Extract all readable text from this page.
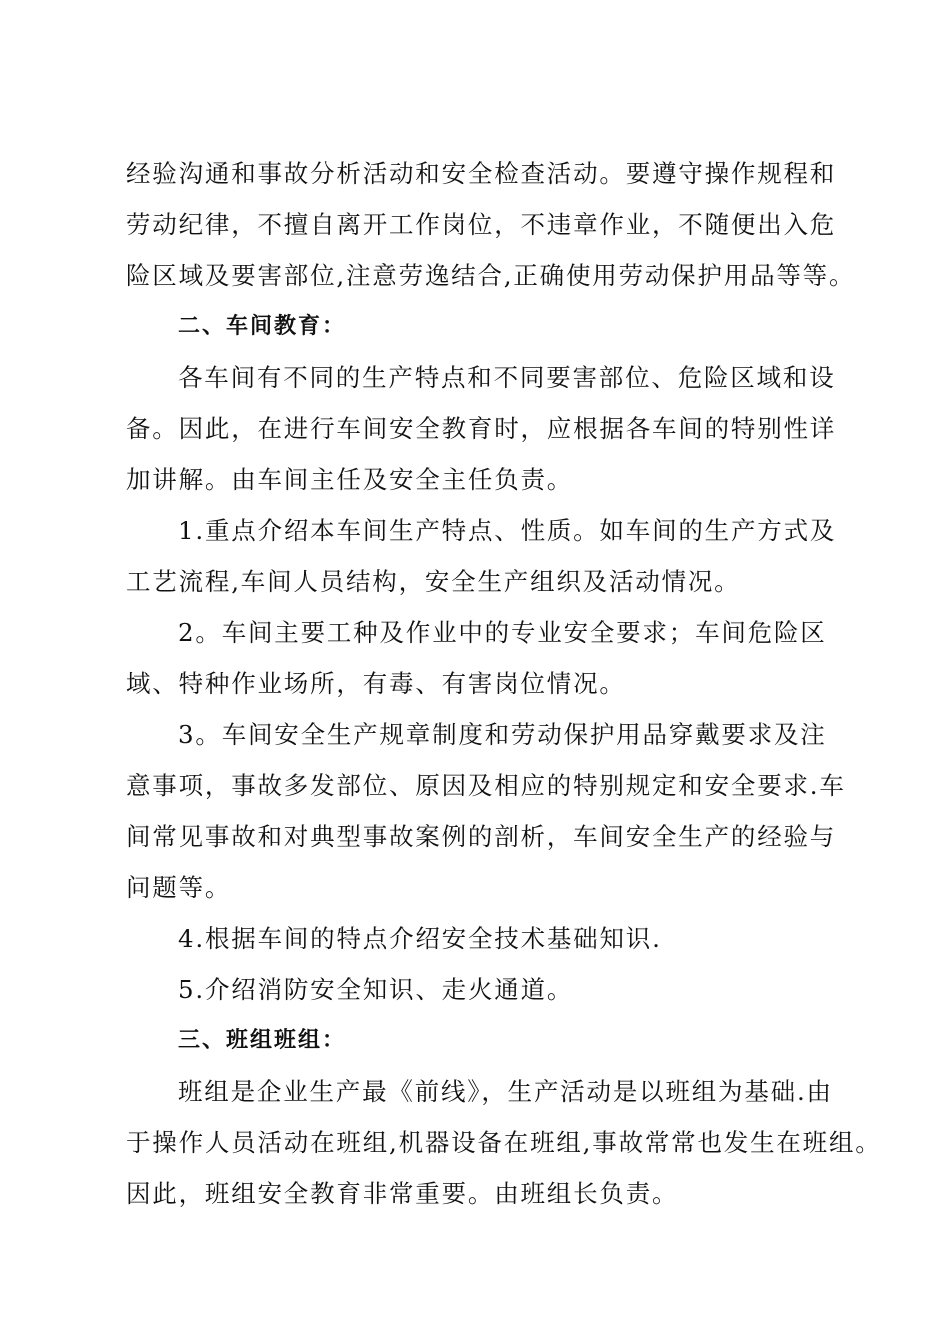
经验沟通和事故分析活动和安全检查活动。要遵守操作规程和
劳动纪律，不擅自离开工作岗位，不违章作业，不随便出入危
险区域及要害部位,注意劳逸结合,正确使用劳动保护用品等等。
二、车间教育：
各车间有不同的生产特点和不同要害部位、危险区域和设
备。因此，在进行车间安全教育时，应根据各车间的特别性详
加讲解。由车间主任及安全主任负责。
1.重点介绍本车间生产特点、性质。如车间的生产方式及
工艺流程,车间人员结构，安全生产组织及活动情况。
2。车间主要工种及作业中的专业安全要求；车间危险区
域、特种作业场所，有毒、有害岗位情况。
3。车间安全生产规章制度和劳动保护用品穿戴要求及注
意事项，事故多发部位、原因及相应的特别规定和安全要求.车
间常见事故和对典型事故案例的剖析，车间安全生产的经验与
问题等。
4.根据车间的特点介绍安全技术基础知识.
5.介绍消防安全知识、走火通道。
三、班组班组：
班组是企业生产最《前线》，生产活动是以班组为基础.由
于操作人员活动在班组,机器设备在班组,事故常常也发生在班组。
因此，班组安全教育非常重要。由班组长负责。
